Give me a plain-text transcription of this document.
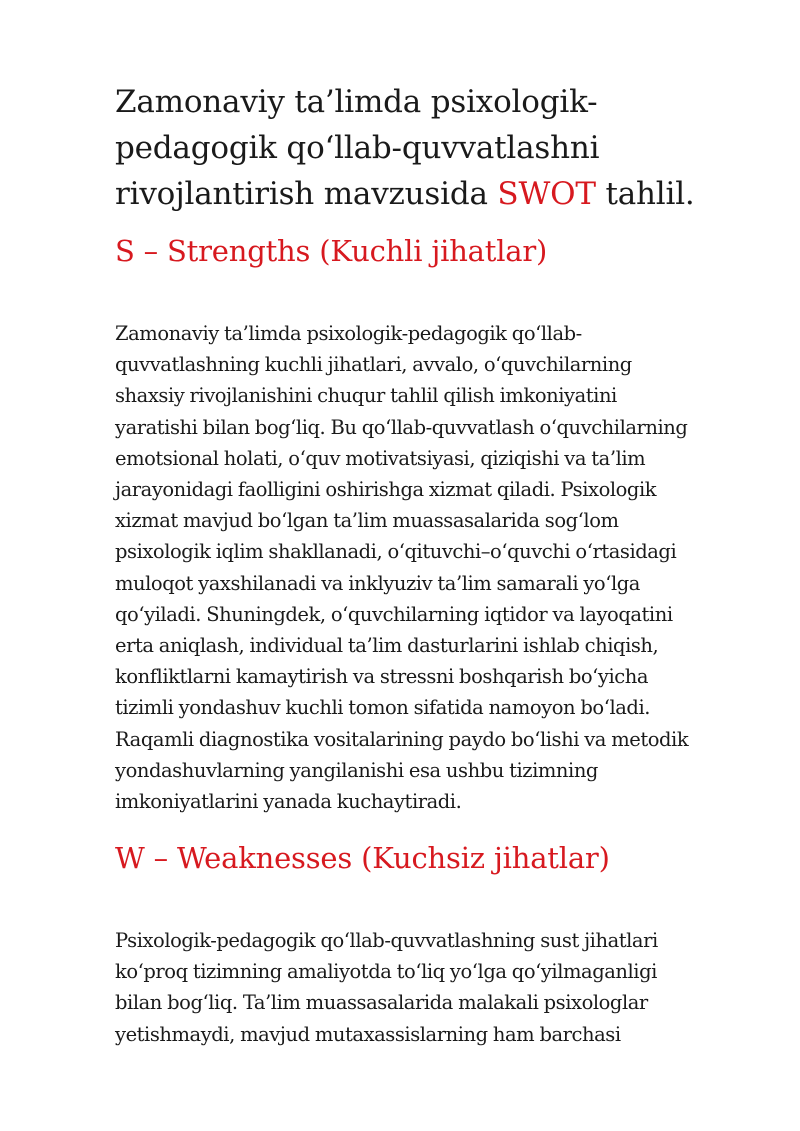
Zamonaviy ta’limda psixologik-
pedagogik qoʻllab-quvvatlashni
rivojlantirish mavzusida SWOT tahlil.
S – Strengths (Kuchli jihatlar)

Zamonaviy ta’limda psixologik-pedagogik qoʻllab-
quvvatlashning kuchli jihatlari, avvalo, oʻquvchilarning
shaxsiy rivojlanishini chuqur tahlil qilish imkoniyatini
yaratishi bilan bogʻliq. Bu qoʻllab-quvvatlash oʻquvchilarning
emotsional holati, oʻquv motivatsiyasi, qiziqishi va ta’lim
jarayonidagi faolligini oshirishga xizmat qiladi. Psixologik
xizmat mavjud boʻlgan ta’lim muassasalarida sogʻlom
psixologik iqlim shakllanadi, oʻqituvchi–oʻquvchi oʻrtasidagi
muloqot yaxshilanadi va inklyuziv ta’lim samarali yoʻlga
qoʻyiladi. Shuningdek, oʻquvchilarning iqtidor va layoqatini
erta aniqlash, individual ta’lim dasturlarini ishlab chiqish,
konfliktlarni kamaytirish va stressni boshqarish boʻyicha
tizimli yondashuv kuchli tomon sifatida namoyon boʻladi.
Raqamli diagnostika vositalarining paydo boʻlishi va metodik
yondashuvlarning yangilanishi esa ushbu tizimning
imkoniyatlarini yanada kuchaytiradi.

W – Weaknesses (Kuchsiz jihatlar)

Psixologik-pedagogik qoʻllab-quvvatlashning sust jihatlari
koʻproq tizimning amaliyotda toʻliq yoʻlga qoʻyilmaganligi
bilan bogʻliq. Ta’lim muassasalarida malakali psixologlar
yetishmaydi, mavjud mutaxassislarning ham barchasi
